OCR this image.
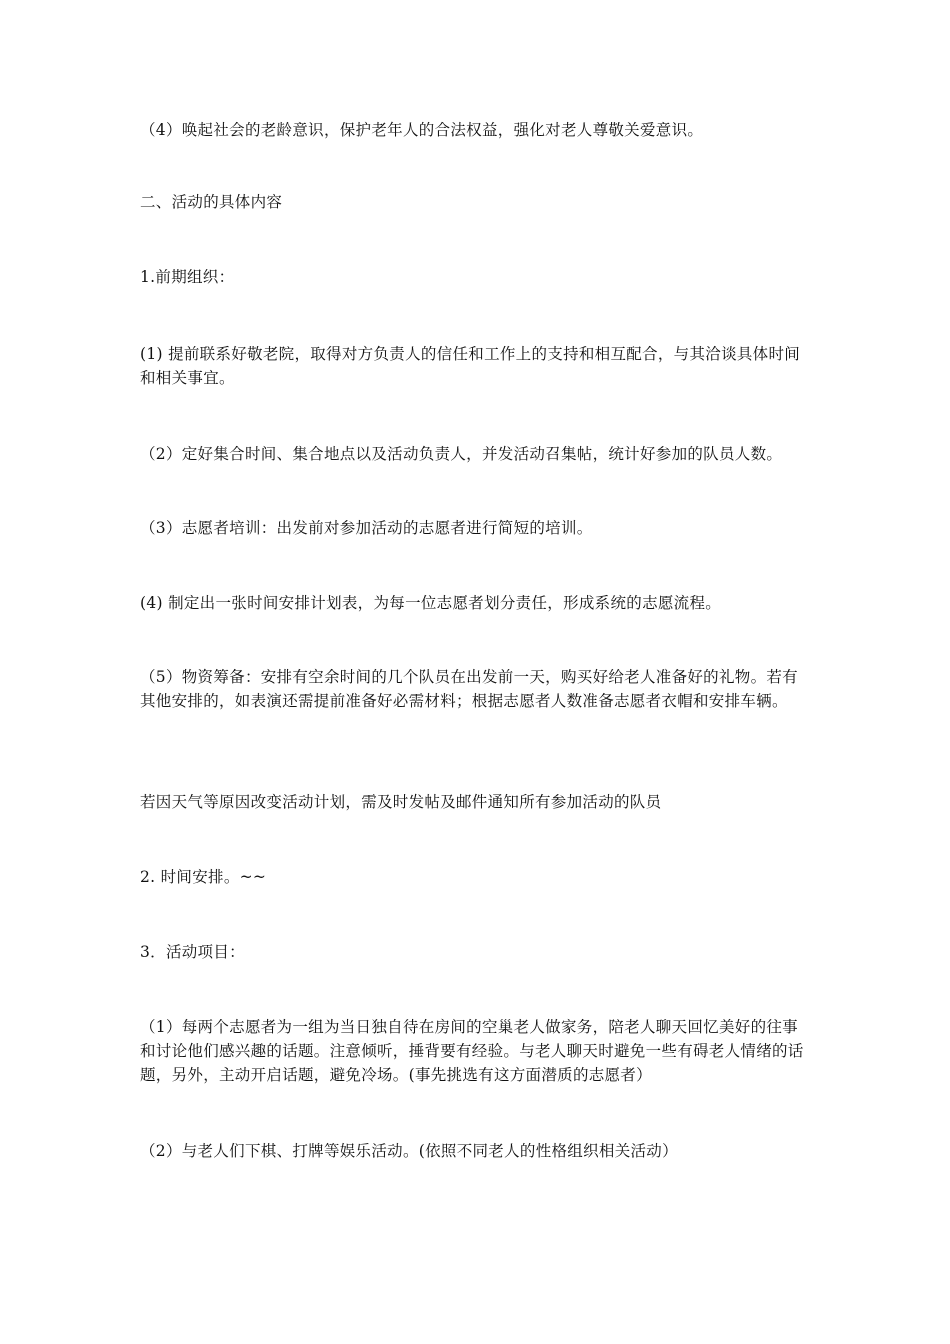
（4）唤起社会的老龄意识，保护老年人的合法权益，强化对老人尊敬关爱意识。

二、活动的具体内容

1.前期组织：

(1) 提前联系好敬老院，取得对方负责人的信任和工作上的支持和相互配合，与其洽谈具体时间和相关事宜。

（2）定好集合时间、集合地点以及活动负责人，并发活动召集帖，统计好参加的队员人数。

（3）志愿者培训：出发前对参加活动的志愿者进行简短的培训。

(4) 制定出一张时间安排计划表，为每一位志愿者划分责任，形成系统的志愿流程。

（5）物资筹备：安排有空余时间的几个队员在出发前一天，购买好给老人准备好的礼物。若有其他安排的，如表演还需提前准备好必需材料；根据志愿者人数准备志愿者衣帽和安排车辆。

若因天气等原因改变活动计划，需及时发帖及邮件通知所有参加活动的队员

2. 时间安排。~~

3．活动项目：

（1）每两个志愿者为一组为当日独自待在房间的空巢老人做家务，陪老人聊天回忆美好的往事和讨论他们感兴趣的话题。注意倾听，捶背要有经验。与老人聊天时避免一些有碍老人情绪的话题，另外，主动开启话题，避免冷场。(事先挑选有这方面潜质的志愿者）

（2）与老人们下棋、打牌等娱乐活动。(依照不同老人的性格组织相关活动）
